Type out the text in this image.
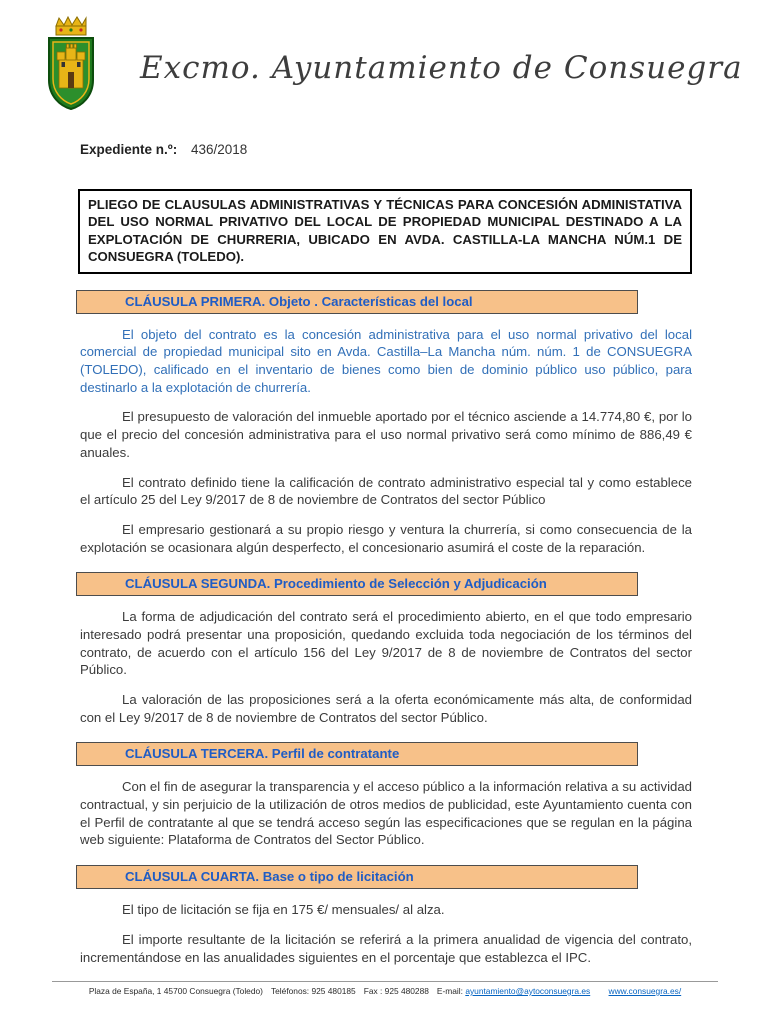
Excmo. Ayuntamiento de Consuegra
Expediente n.º: 436/2018
PLIEGO DE CLAUSULAS ADMINISTRATIVAS Y TÉCNICAS PARA CONCESIÓN ADMINISTATIVA DEL USO NORMAL PRIVATIVO DEL LOCAL DE PROPIEDAD MUNICIPAL DESTINADO A LA EXPLOTACIÓN DE CHURRERIA, UBICADO EN AVDA. CASTILLA-LA MANCHA NÚM.1 DE CONSUEGRA (TOLEDO).
CLÁUSULA PRIMERA. Objeto . Características del local

El objeto del contrato es la concesión administrativa para el uso normal privativo del local comercial de propiedad municipal sito en Avda. Castilla–La Mancha núm. núm. 1 de CONSUEGRA (TOLEDO), calificado en el inventario de bienes como bien de dominio público uso público, para destinarlo a la explotación de churrería.

El presupuesto de valoración del inmueble aportado por el técnico asciende a 14.774,80 €, por lo que el precio del concesión administrativa para el uso normal privativo será como mínimo de 886,49 € anuales.

El contrato definido tiene la calificación de contrato administrativo especial tal y como establece el artículo 25 del Ley 9/2017 de 8 de noviembre de Contratos del sector Público

El empresario gestionará a su propio riesgo y ventura la churrería, si como consecuencia de la explotación se ocasionara algún desperfecto, el concesionario asumirá el coste de la reparación.

CLÁUSULA SEGUNDA. Procedimiento de Selección y Adjudicación

La forma de adjudicación del contrato será el procedimiento abierto, en el que todo empresario interesado podrá presentar una proposición, quedando excluida toda negociación de los términos del contrato, de acuerdo con el artículo 156 del Ley 9/2017 de 8 de noviembre de Contratos del sector Público.

La valoración de las proposiciones será a la oferta económicamente más alta, de conformidad con el Ley 9/2017 de 8 de noviembre de Contratos del sector Público.

CLÁUSULA TERCERA. Perfil de contratante

Con el fin de asegurar la transparencia y el acceso público a la información relativa a su actividad contractual, y sin perjuicio de la utilización de otros medios de publicidad, este Ayuntamiento cuenta con el Perfil de contratante al que se tendrá acceso según las especificaciones que se regulan en la página web siguiente: Plataforma de Contratos del Sector Público.

CLÁUSULA CUARTA. Base o tipo de licitación

El tipo de licitación se fija en 175 €/ mensuales/ al alza.

El importe resultante de la licitación se referirá a la primera anualidad de vigencia del contrato, incrementándose en las anualidades siguientes en el porcentaje que establezca el IPC.

Plaza de España, 1 45700 Consuegra (Toledo) Teléfonos: 925 480185 Fax : 925 480288 E-mail: ayuntamiento@aytoconsuegra.es www.consuegra.es/
